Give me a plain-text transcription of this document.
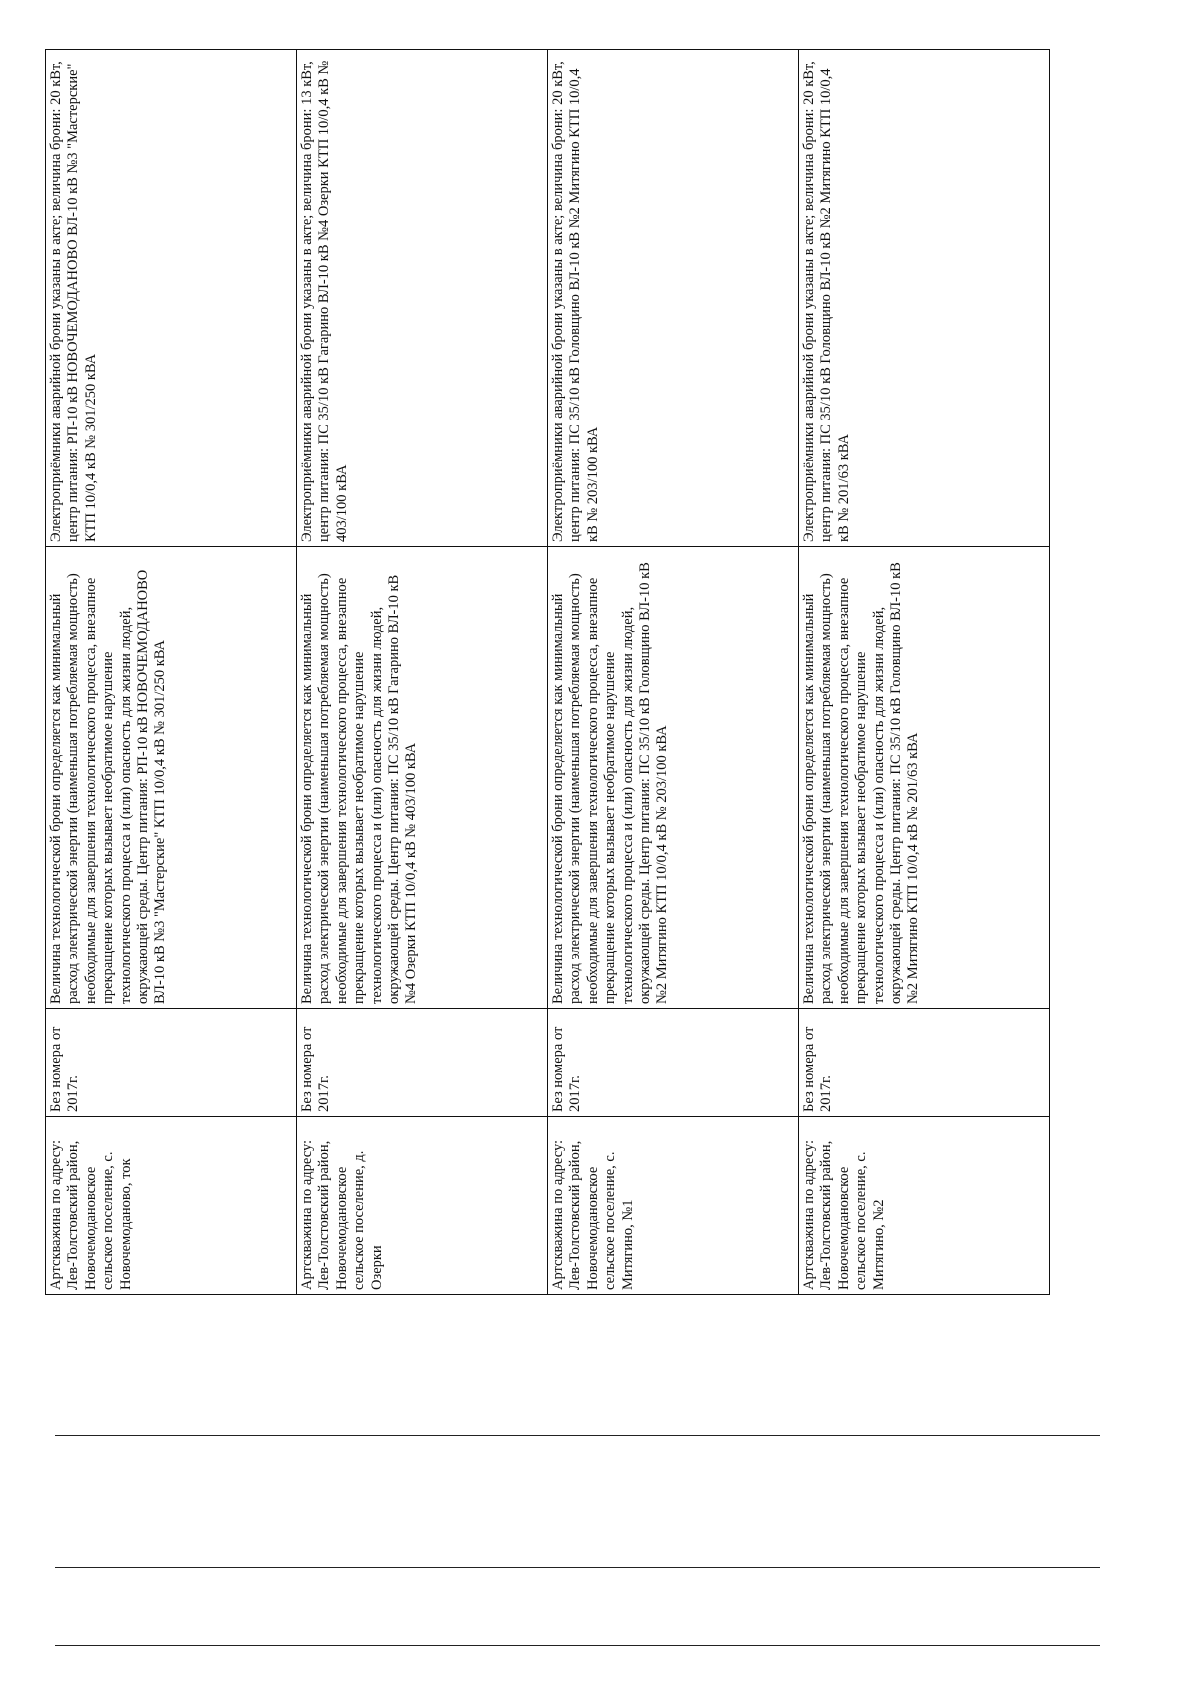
Артскважина по адресу: Лев-Толстовский район, Новочемодановское сельское поселение, с. Новочемоданово, ток	Без номера от 2017г.	Величина технологической брони определяется как минимальный расход электрической энергии (наименьшая потребляемая мощность) необходимые для завершения технологического процесса, внезапное прекращение которых вызывает необратимое нарушение технологического процесса и (или) опасность для жизни людей, окружающей среды. Центр питания: РП-10 кВ НОВОЧЕМОДАНОВО ВЛ-10 кВ №3 "Мастерские" КТП 10/0,4 кВ № 301/250 кВА	Электроприёмники аварийной брони указаны в акте; величина брони: 20 кВт, центр питания: РП-10 кВ НОВОЧЕМОДАНОВО ВЛ-10 кВ №3 "Мастерские" КТП 10/0,4 кВ № 301/250 кВА
Артскважина по адресу: Лев-Толстовский район, Новочемодановское сельское поселение, д. Озерки	Без номера от 2017г.	Величина технологической брони определяется как минимальный расход электрической энергии (наименьшая потребляемая мощность) необходимые для завершения технологического процесса, внезапное прекращение которых вызывает необратимое нарушение технологического процесса и (или) опасность для жизни людей, окружающей среды. Центр питания: ПС 35/10 кВ Гагарино ВЛ-10 кВ №4 Озерки КТП 10/0,4 кВ № 403/100 кВА	Электроприёмники аварийной брони указаны в акте; величина брони: 13 кВт, центр питания: ПС 35/10 кВ Гагарино ВЛ-10 кВ №4 Озерки КТП 10/0,4 кВ № 403/100 кВА
Артскважина по адресу: Лев-Толстовский район, Новочемодановское сельское поселение, с. Митягино, №1	Без номера от 2017г.	Величина технологической брони определяется как минимальный расход электрической энергии (наименьшая потребляемая мощность) необходимые для завершения технологического процесса, внезапное прекращение которых вызывает необратимое нарушение технологического процесса и (или) опасность для жизни людей, окружающей среды. Центр питания: ПС 35/10 кВ Головщино ВЛ-10 кВ №2 Митягино КТП 10/0,4 кВ № 203/100 кВА	Электроприёмники аварийной брони указаны в акте; величина брони: 20 кВт, центр питания: ПС 35/10 кВ Головщино ВЛ-10 кВ №2 Митягино КТП 10/0,4 кВ № 203/100 кВА
Артскважина по адресу: Лев-Толстовский район, Новочемодановское сельское поселение, с. Митягино, №2	Без номера от 2017г.	Величина технологической брони определяется как минимальный расход электрической энергии (наименьшая потребляемая мощность) необходимые для завершения технологического процесса, внезапное прекращение которых вызывает необратимое нарушение технологического процесса и (или) опасность для жизни людей, окружающей среды. Центр питания: ПС 35/10 кВ Головщино ВЛ-10 кВ №2 Митягино КТП 10/0,4 кВ № 201/63 кВА	Электроприёмники аварийной брони указаны в акте; величина брони: 20 кВт, центр питания: ПС 35/10 кВ Головщино ВЛ-10 кВ №2 Митягино КТП 10/0,4 кВ № 201/63 кВА
